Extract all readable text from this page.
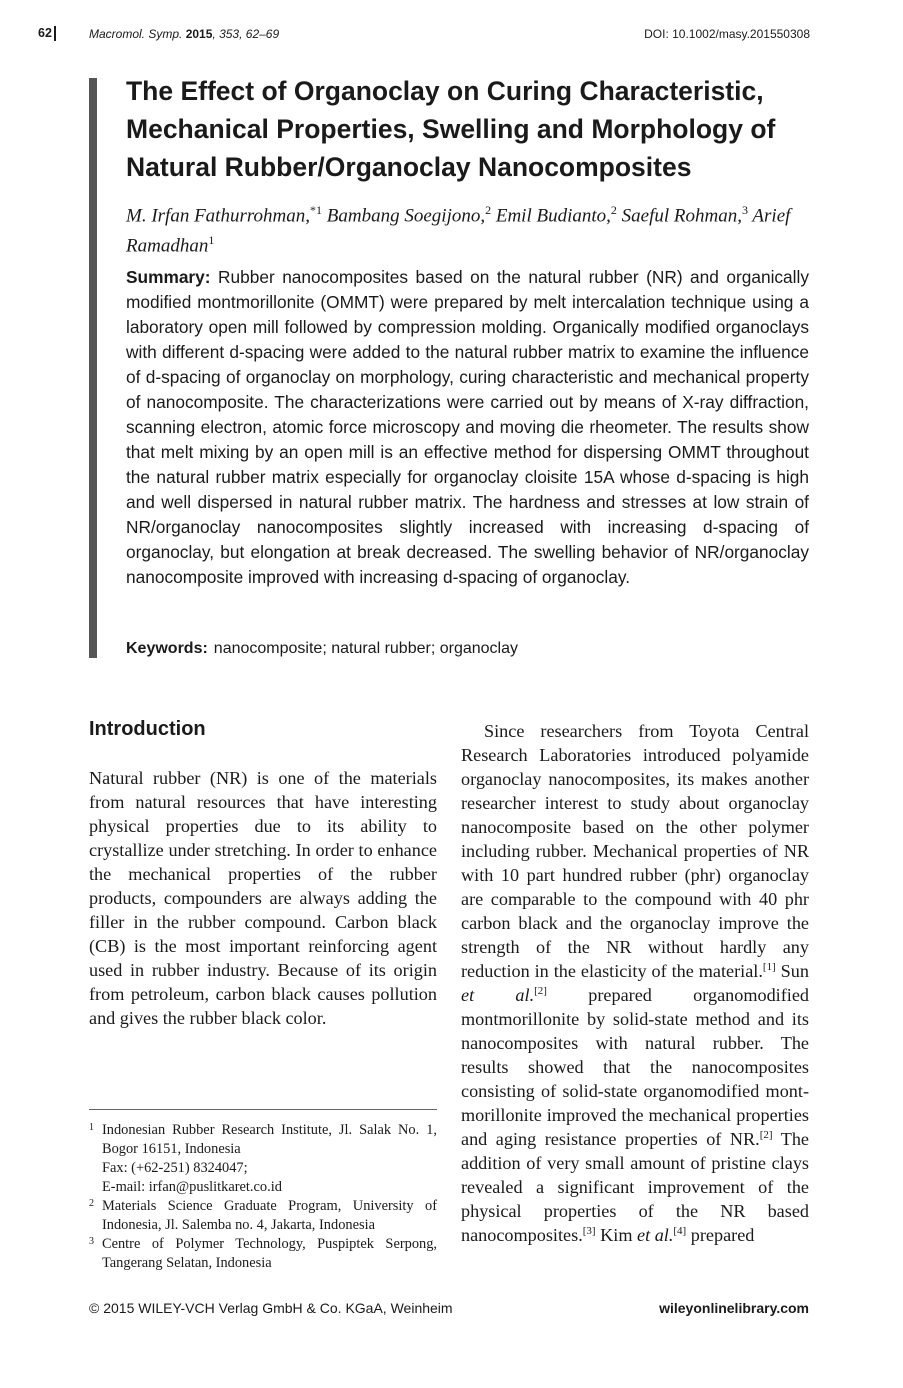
62	Macromol. Symp. 2015, 353, 62–69	DOI: 10.1002/masy.201550308
The Effect of Organoclay on Curing Characteristic, Mechanical Properties, Swelling and Morphology of Natural Rubber/Organoclay Nanocomposites
M. Irfan Fathurrohman,$^{*1}$ Bambang Soegijono,$^2$ Emil Budianto,$^2$ Saeful Rohman,$^3$ Arief Ramadhan$^1$

Summary: Rubber nanocomposites based on the natural rubber (NR) and organically modified montmorillonite (OMMT) were prepared by melt intercalation technique using a laboratory open mill followed by compression molding. Organically modified organoclays with different d-spacing were added to the natural rubber matrix to examine the influence of d-spacing of organoclay on morphology, curing characteristic and mechanical property of nanocomposite. The characterizations were carried out by means of X-ray diffraction, scanning electron, atomic force microscopy and moving die rheometer. The results show that melt mixing by an open mill is an effective method for dispersing OMMT throughout the natural rubber matrix especially for organoclay cloisite 15A whose d-spacing is high and well dispersed in natural rubber matrix. The hardness and stresses at low strain of NR/organoclay nanocomposites slightly increased with increasing d-spacing of organoclay, but elongation at break decreased. The swelling behavior of NR/organoclay nanocomposite improved with increasing d-spacing of organoclay.

Keywords: nanocomposite; natural rubber; organoclay
Introduction

Natural rubber (NR) is one of the materials from natural resources that have interesting physical properties due to its ability to crystallize under stretching. In order to enhance the mechanical properties of the rubber products, compounders are always adding the filler in the rubber compound. Carbon black (CB) is the most important reinforcing agent used in rubber industry. Because of its origin from petroleum, carbon black causes pollution and gives the rubber black color.

1 Indonesian Rubber Research Institute, Jl. Salak No. 1, Bogor 16151, Indonesia
Fax: (+62-251) 8324047;
E-mail: irfan@puslitkaret.co.id
2 Materials Science Graduate Program, University of Indonesia, Jl. Salemba no. 4, Jakarta, Indonesia
3 Centre of Polymer Technology, Puspiptek Serpong, Tangerang Selatan, Indonesia

Since researchers from Toyota Central Research Laboratories introduced polyamide organoclay nanocomposites, its makes another researcher interest to study about organoclay nanocomposite based on the other polymer including rubber. Mechanical properties of NR with 10 part hundred rubber (phr) organoclay are comparable to the compound with 40 phr carbon black and the organoclay improve the strength of the NR without hardly any reduction in the elasticity of the material.[1] Sun et al.[2] prepared organomodified montmorillonite by solid-state method and its nanocomposites with natural rubber. The results showed that the nanocomposites consisting of solid-state organomodified mont-morillonite improved the mechanical properties and aging resistance properties of NR.[2] The addition of very small amount of pristine clays revealed a significant improvement of the physical properties of the NR based nanocomposites.[3] Kim et al.[4] prepared

© 2015 WILEY-VCH Verlag GmbH & Co. KGaA, Weinheim	wileyonlinelibrary.com
